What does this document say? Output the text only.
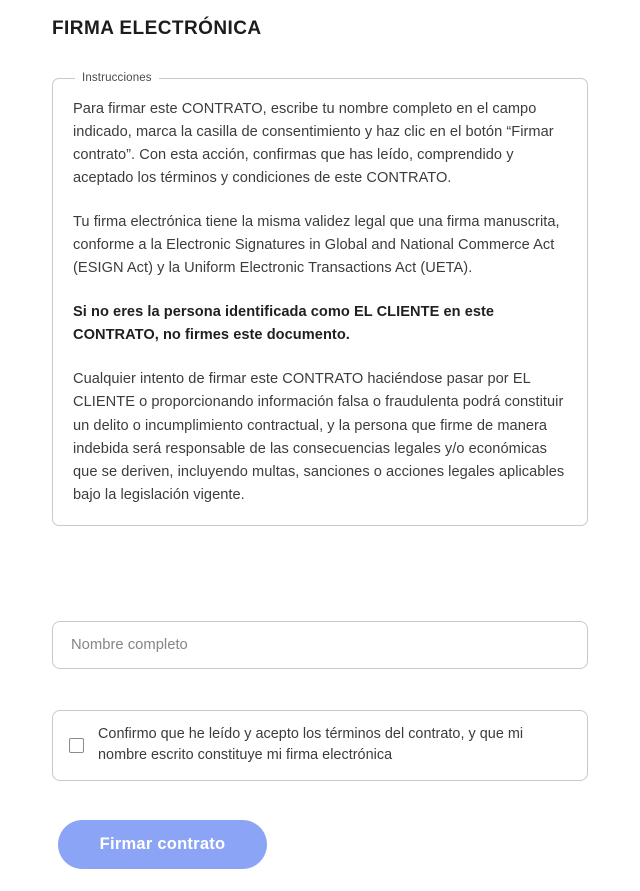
FIRMA ELECTRÓNICA
Instrucciones

Para firmar este CONTRATO, escribe tu nombre completo en el campo indicado, marca la casilla de consentimiento y haz clic en el botón “Firmar contrato”. Con esta acción, confirmas que has leído, comprendido y aceptado los términos y condiciones de este CONTRATO.

Tu firma electrónica tiene la misma validez legal que una firma manuscrita, conforme a la Electronic Signatures in Global and National Commerce Act (ESIGN Act) y la Uniform Electronic Transactions Act (UETA).

Si no eres la persona identificada como EL CLIENTE en este CONTRATO, no firmes este documento.

Cualquier intento de firmar este CONTRATO haciéndose pasar por EL CLIENTE o proporcionando información falsa o fraudulenta podrá constituir un delito o incumplimiento contractual, y la persona que firme de manera indebida será responsable de las consecuencias legales y/o económicas que se deriven, incluyendo multas, sanciones o acciones legales aplicables bajo la legislación vigente.

Nombre completo
Confirmo que he leído y acepto los términos del contrato, y que mi nombre escrito constituye mi firma electrónica
Firmar contrato
